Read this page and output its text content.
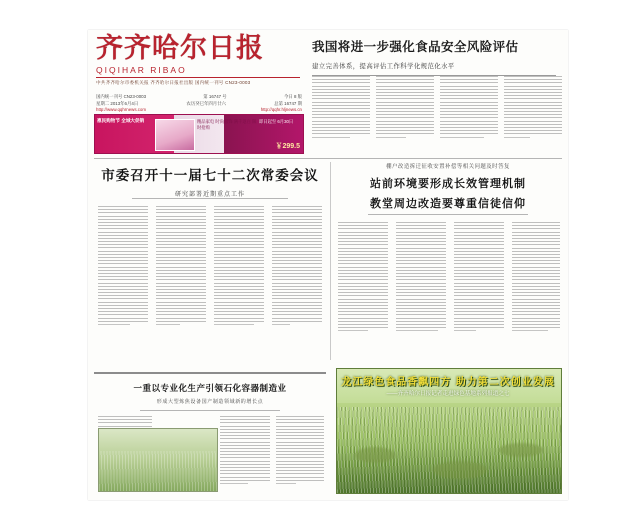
齐齐哈尔日报
QIQIHAR RIBAO
中共齐齐哈尔市委机关报 齐齐哈尔日报社出版 国内统一刊号 CN23-0003
我国将进一步强化食品安全风险评估
建立完善体系，提高评估工作科学化规范化水平
国内统一刊号 CN23-0003	第 16747 号	今日 8 版
星期二 2013年6月4日	农历癸巳年四月廿六	总第 16747 期
http://www.qqhrnews.com	http://qqhr.hljnews.cn
惠民购物节 全城大促销	精品家电 时尚服饰 满千返百 限时抢购
即日起至 6月30日
￥299.5
市委召开十一届七十二次常委会议
研究部署近期重点工作
棚户改造拆迁征收安置补偿等相关问题及时答复
站前环境要形成长效管理机制
教堂周边改造要尊重信徒信仰
一重以专业化生产引领石化容器制造业
形成大型炼焦设备国产制造领域新的增长点
龙江绿色食品香飘四方 助力第二次创业发展
——齐齐哈尔日报记者走进绿色基地系列报道之七
